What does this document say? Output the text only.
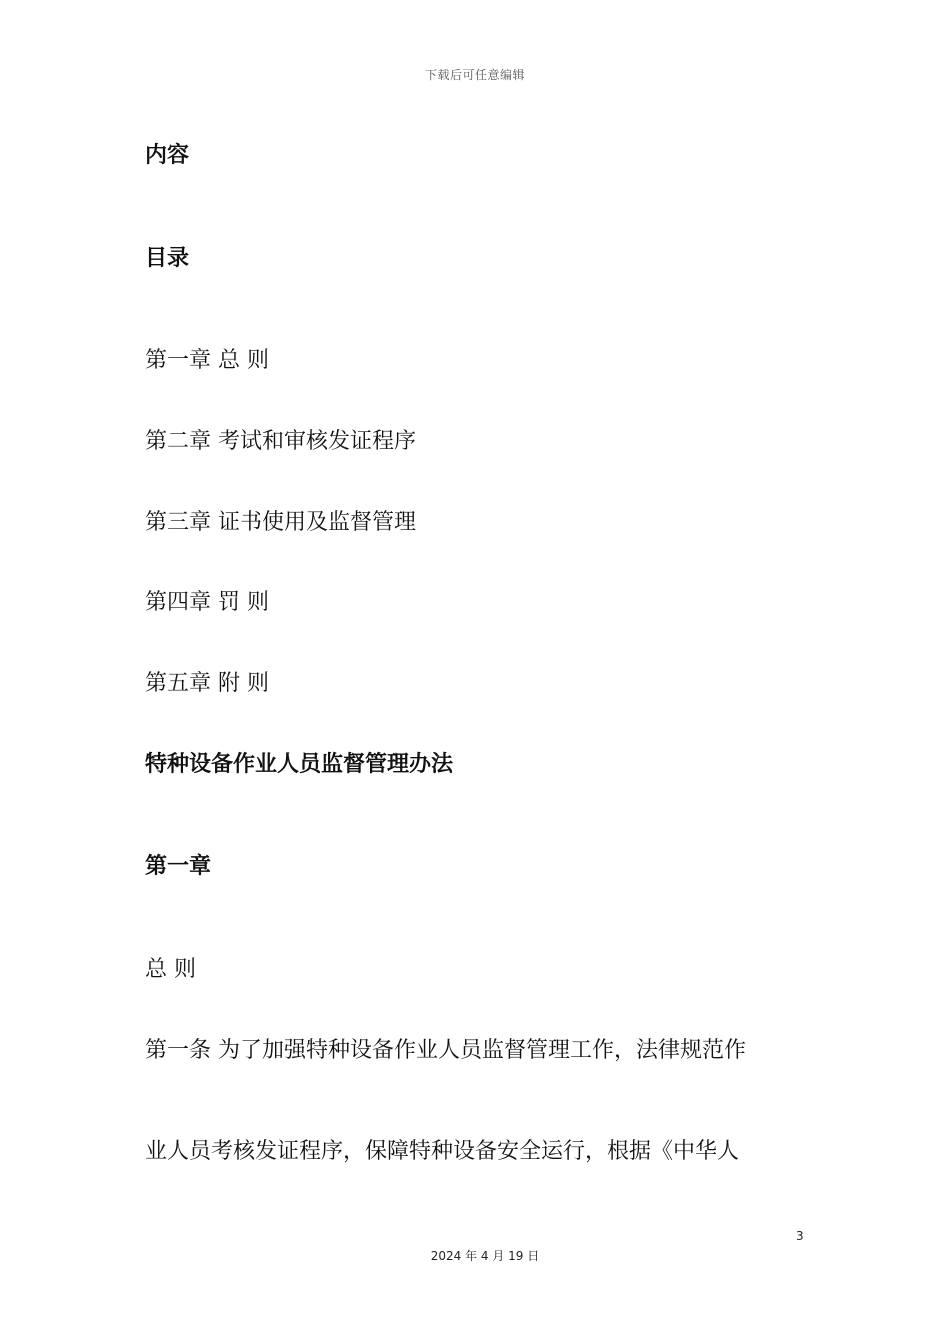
下载后可任意编辑
内容
目录
第一章 总 则
第二章 考试和审核发证程序
第三章 证书使用及监督管理
第四章 罚 则
第五章 附 则
特种设备作业人员监督管理办法
第一章
总 则
第一条 为了加强特种设备作业人员监督管理工作，法律规范作
业人员考核发证程序，保障特种设备安全运行，根据《中华人
3
2024 年 4 月 19 日
